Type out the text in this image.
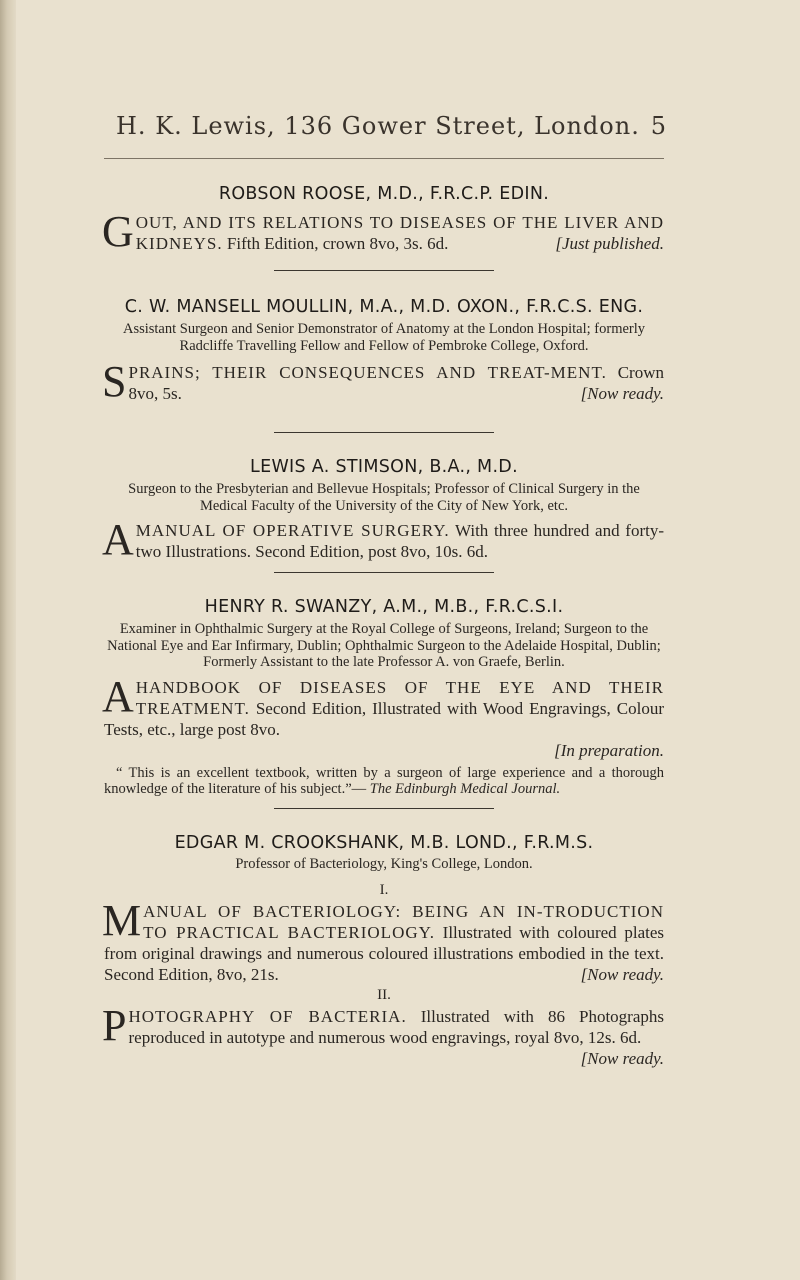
H. K. Lewis, 136 Gower Street, London. 5
ROBSON ROOSE, M.D., F.R.C.P. EDIN.
G OUT, AND ITS RELATIONS TO DISEASES OF THE LIVER AND KIDNEYS. Fifth Edition, crown 8vo, 3s. 6d.	[Just published.
C. W. MANSELL MOULLIN, M.A., M.D. OXON., F.R.C.S. ENG.
Assistant Surgeon and Senior Demonstrator of Anatomy at the London Hospital; formerly Radcliffe Travelling Fellow and Fellow of Pembroke College, Oxford.
S PRAINS; THEIR CONSEQUENCES AND TREAT-MENT. Crown 8vo, 5s.	[Now ready.
LEWIS A. STIMSON, B.A., M.D.
Surgeon to the Presbyterian and Bellevue Hospitals; Professor of Clinical Surgery in the Medical Faculty of the University of the City of New York, etc.
A MANUAL OF OPERATIVE SURGERY. With three hundred and forty-two Illustrations. Second Edition, post 8vo, 10s. 6d.
HENRY R. SWANZY, A.M., M.B., F.R.C.S.I.
Examiner in Ophthalmic Surgery at the Royal College of Surgeons, Ireland; Surgeon to the National Eye and Ear Infirmary, Dublin; Ophthalmic Surgeon to the Adelaide Hospital, Dublin; Formerly Assistant to the late Professor A. von Graefe, Berlin.
A HANDBOOK OF DISEASES OF THE EYE AND THEIR TREATMENT. Second Edition, Illustrated with Wood Engravings, Colour Tests, etc., large post 8vo.
[In preparation.
“ This is an excellent textbook, written by a surgeon of large experience and a thorough knowledge of the literature of his subject.”— The Edinburgh Medical Journal.
EDGAR M. CROOKSHANK, M.B. LOND., F.R.M.S.
Professor of Bacteriology, King's College, London.
I.
M ANUAL OF BACTERIOLOGY: BEING AN IN-TRODUCTION TO PRACTICAL BACTERIOLOGY. Illustrated with coloured plates from original drawings and numerous coloured illustrations embodied in the text. Second Edition, 8vo, 21s.	[Now ready.
II.
P HOTOGRAPHY OF BACTERIA. Illustrated with 86 Photographs reproduced in autotype and numerous wood engravings, royal 8vo, 12s. 6d.
[Now ready.
